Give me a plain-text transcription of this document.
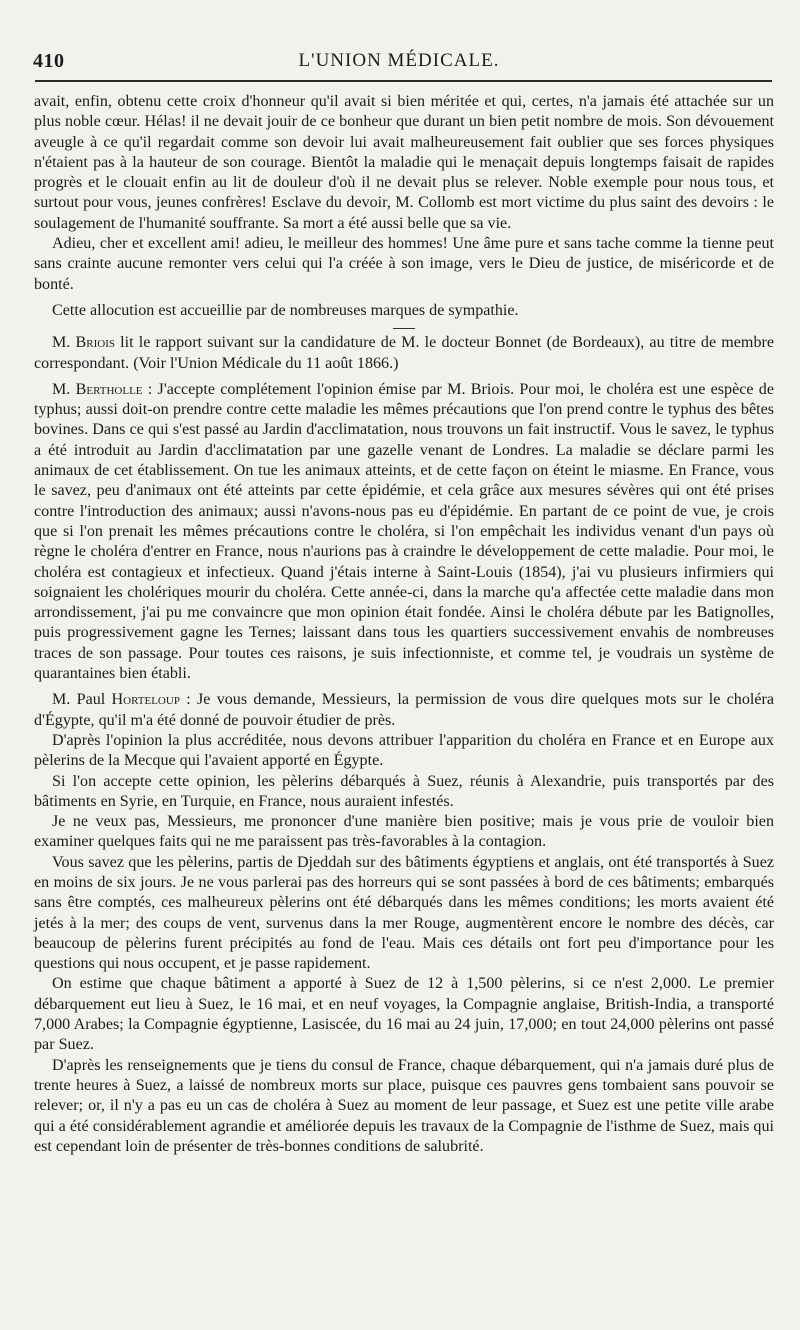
410	L'UNION MÉDICALE.

avait, enfin, obtenu cette croix d'honneur qu'il avait si bien méritée et qui, certes, n'a jamais été attachée sur un plus noble cœur. Hélas! il ne devait jouir de ce bonheur que durant un bien petit nombre de mois. Son dévouement aveugle à ce qu'il regardait comme son devoir lui avait malheureusement fait oublier que ses forces physiques n'étaient pas à la hauteur de son courage. Bientôt la maladie qui le menaçait depuis longtemps faisait de rapides progrès et le clouait enfin au lit de douleur d'où il ne devait plus se relever. Noble exemple pour nous tous, et surtout pour vous, jeunes confrères! Esclave du devoir, M. Collomb est mort victime du plus saint des devoirs : le soulagement de l'humanité souffrante. Sa mort a été aussi belle que sa vie.

Adieu, cher et excellent ami! adieu, le meilleur des hommes! Une âme pure et sans tache comme la tienne peut sans crainte aucune remonter vers celui qui l'a créée à son image, vers le Dieu de justice, de miséricorde et de bonté.

Cette allocution est accueillie par de nombreuses marques de sympathie.

M. Briois lit le rapport suivant sur la candidature de M. le docteur Bonnet (de Bordeaux), au titre de membre correspondant. (Voir l'Union Médicale du 11 août 1866.)

M. Bertholle : J'accepte complétement l'opinion émise par M. Briois. Pour moi, le choléra est une espèce de typhus; aussi doit-on prendre contre cette maladie les mêmes précautions que l'on prend contre le typhus des bêtes bovines. Dans ce qui s'est passé au Jardin d'acclimatation, nous trouvons un fait instructif. Vous le savez, le typhus a été introduit au Jardin d'acclimatation par une gazelle venant de Londres. La maladie se déclare parmi les animaux de cet établissement. On tue les animaux atteints, et de cette façon on éteint le miasme. En France, vous le savez, peu d'animaux ont été atteints par cette épidémie, et cela grâce aux mesures sévères qui ont été prises contre l'introduction des animaux; aussi n'avons-nous pas eu d'épidémie. En partant de ce point de vue, je crois que si l'on prenait les mêmes précautions contre le choléra, si l'on empêchait les individus venant d'un pays où règne le choléra d'entrer en France, nous n'aurions pas à craindre le développement de cette maladie. Pour moi, le choléra est contagieux et infectieux. Quand j'étais interne à Saint-Louis (1854), j'ai vu plusieurs infirmiers qui soignaient les cholériques mourir du choléra. Cette année-ci, dans la marche qu'a affectée cette maladie dans mon arrondissement, j'ai pu me convaincre que mon opinion était fondée. Ainsi le choléra débute par les Batignolles, puis progressivement gagne les Ternes; laissant dans tous les quartiers successivement envahis de nombreuses traces de son passage. Pour toutes ces raisons, je suis infectionniste, et comme tel, je voudrais un système de quarantaines bien établi.

M. Paul Horteloup : Je vous demande, Messieurs, la permission de vous dire quelques mots sur le choléra d'Égypte, qu'il m'a été donné de pouvoir étudier de près.

D'après l'opinion la plus accréditée, nous devons attribuer l'apparition du choléra en France et en Europe aux pèlerins de la Mecque qui l'avaient apporté en Égypte.

Si l'on accepte cette opinion, les pèlerins débarqués à Suez, réunis à Alexandrie, puis transportés par des bâtiments en Syrie, en Turquie, en France, nous auraient infestés.

Je ne veux pas, Messieurs, me prononcer d'une manière bien positive; mais je vous prie de vouloir bien examiner quelques faits qui ne me paraissent pas très-favorables à la contagion.

Vous savez que les pèlerins, partis de Djeddah sur des bâtiments égyptiens et anglais, ont été transportés à Suez en moins de six jours. Je ne vous parlerai pas des horreurs qui se sont passées à bord de ces bâtiments; embarqués sans être comptés, ces malheureux pèlerins ont été débarqués dans les mêmes conditions; les morts avaient été jetés à la mer; des coups de vent, survenus dans la mer Rouge, augmentèrent encore le nombre des décès, car beaucoup de pèlerins furent précipités au fond de l'eau. Mais ces détails ont fort peu d'importance pour les questions qui nous occupent, et je passe rapidement.

On estime que chaque bâtiment a apporté à Suez de 12 à 1,500 pèlerins, si ce n'est 2,000. Le premier débarquement eut lieu à Suez, le 16 mai, et en neuf voyages, la Compagnie anglaise, British-India, a transporté 7,000 Arabes; la Compagnie égyptienne, Lasiscée, du 16 mai au 24 juin, 17,000; en tout 24,000 pèlerins ont passé par Suez.

D'après les renseignements que je tiens du consul de France, chaque débarquement, qui n'a jamais duré plus de trente heures à Suez, a laissé de nombreux morts sur place, puisque ces pauvres gens tombaient sans pouvoir se relever; or, il n'y a pas eu un cas de choléra à Suez au moment de leur passage, et Suez est une petite ville arabe qui a été considérablement agrandie et améliorée depuis les travaux de la Compagnie de l'isthme de Suez, mais qui est cependant loin de présenter de très-bonnes conditions de salubrité.
